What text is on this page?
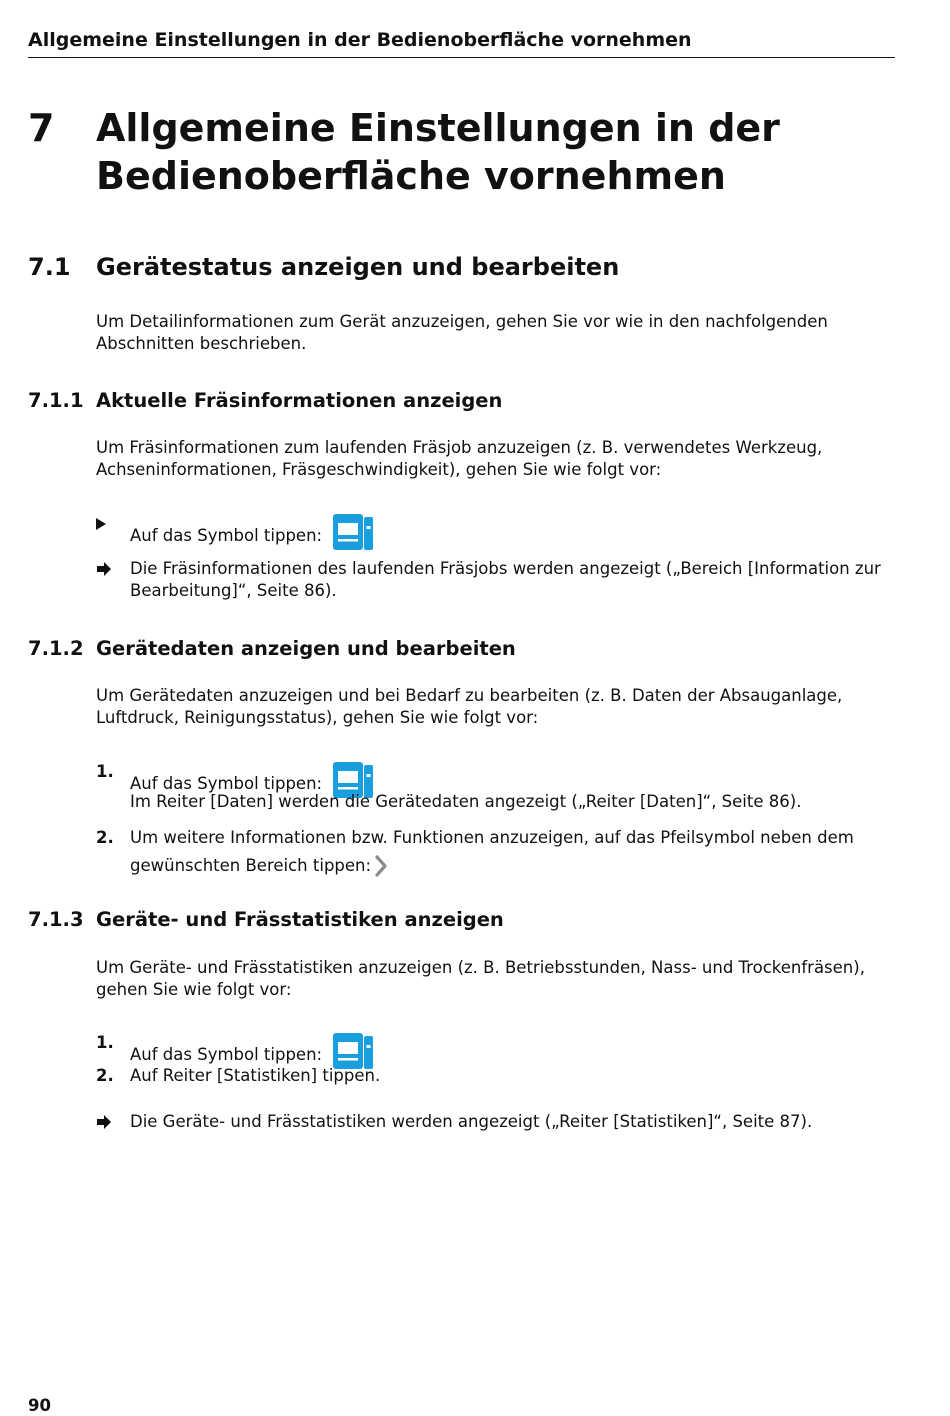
Allgemeine Einstellungen in der Bedienoberfläche vornehmen
7 Allgemeine Einstellungen in der Bedienoberfläche vornehmen
7.1 Gerätestatus anzeigen und bearbeiten
Um Detailinformationen zum Gerät anzuzeigen, gehen Sie vor wie in den nachfolgenden Abschnitten beschrieben.
7.1.1 Aktuelle Fräsinformationen anzeigen
Um Fräsinformationen zum laufenden Fräsjob anzuzeigen (z. B. verwendetes Werkzeug, Achseninformationen, Fräsgeschwindigkeit), gehen Sie wie folgt vor:
Auf das Symbol tippen:
Die Fräsinformationen des laufenden Fräsjobs werden angezeigt („Bereich [Information zur Bearbeitung]“, Seite 86).
7.1.2 Gerätedaten anzeigen und bearbeiten
Um Gerätedaten anzuzeigen und bei Bedarf zu bearbeiten (z. B. Daten der Absauganlage, Luftdruck, Reinigungsstatus), gehen Sie wie folgt vor:
1.
Auf das Symbol tippen:
Im Reiter [Daten] werden die Gerätedaten angezeigt („Reiter [Daten]“, Seite 86).
2. Um weitere Informationen bzw. Funktionen anzuzeigen, auf das Pfeilsymbol neben dem gewünschten Bereich tippen:
7.1.3 Geräte- und Frässtatistiken anzeigen
Um Geräte- und Frässtatistiken anzuzeigen (z. B. Betriebsstunden, Nass- und Trockenfräsen), gehen Sie wie folgt vor:
1.
Auf das Symbol tippen:
2. Auf Reiter [Statistiken] tippen.
Die Geräte- und Frässtatistiken werden angezeigt („Reiter [Statistiken]“, Seite 87).
90
